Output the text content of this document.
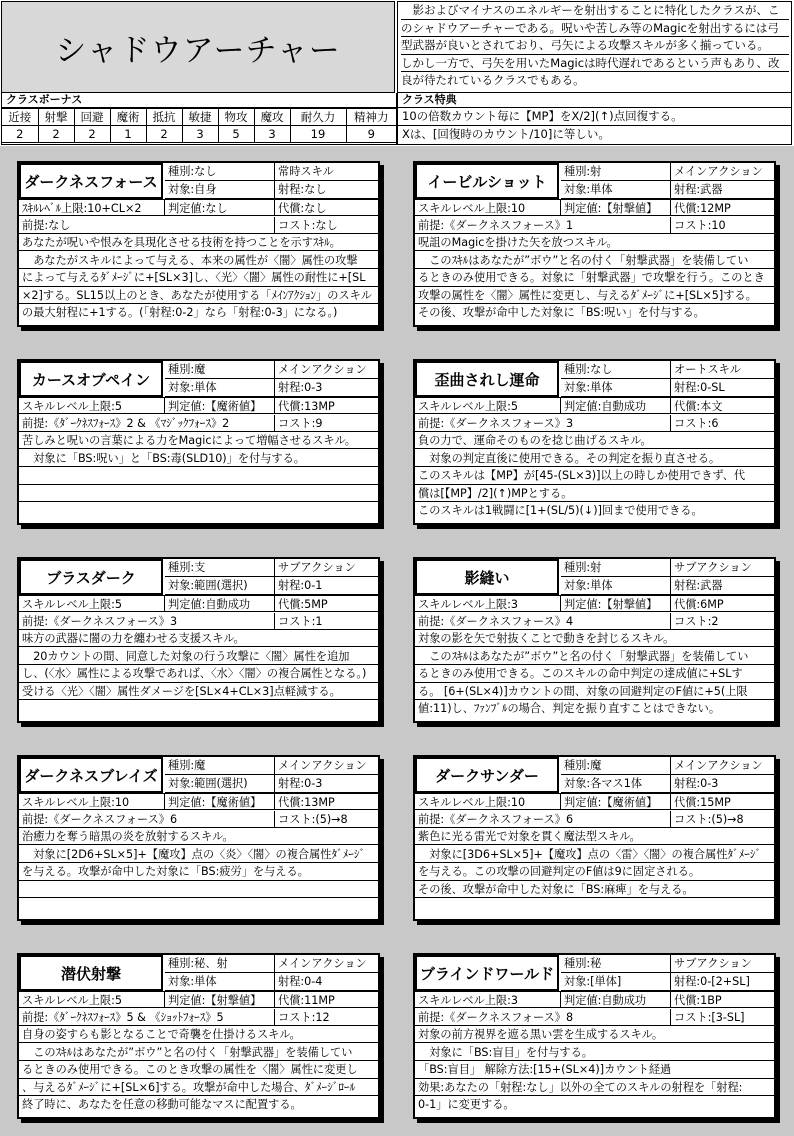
シャドウアーチャー
　影およびマイナスのエネルギーを射出することに特化したクラスが、こ
のシャドウアーチャーである。呪いや苦しみ等のMagicを射出するには弓
型武器が良いとされており、弓矢による攻撃スキルが多く揃っている。
しかし一方で、弓矢を用いたMagicは時代遅れであるという声もあり、改
良が待たれているクラスでもある。
クラスボーナス
近接	射撃	回避	魔術	抵抗	敏捷	物攻	魔攻	耐久力	精神力
2	2	2	1	2	3	5	3	19	9
クラス特典
10の倍数カウント毎に【MP】をX/2](↑)点回復する。
Xは、[回復時のカウント/10]に等しい。
ダークネスフォース
種別:なし	常時スキル
対象:自身	射程:なし
ｽｷﾙﾚﾍﾞﾙ上限:10+CL×2	判定値:なし	代償:なし
前提:なし	コスト:なし
あなたが呪いや恨みを具現化させる技術を持つことを示すｽｷﾙ。
　あなたがスキルによって与える、本来の属性が〈闇〉属性の攻撃
によって与えるﾀﾞﾒｰｼﾞに+[SL×3]し、〈光〉〈闇〉属性の耐性に+[SL
×2]する。SL15以上のとき、あなたが使用する「ﾒｲﾝｱｸｼｮﾝ」のスキル
の最大射程に+1する。(「射程:0-2」なら「射程:0-3」になる。)
イービルショット
種別:射	メインアクション
対象:単体	射程:武器
スキルレベル上限:10	判定値:【射撃値】	代償:12MP
前提:《ダークネスフォース》1	コスト:10
呪詛のMagicを掛けた矢を放つスキル。
　このｽｷﾙはあなたが”ボウ”と名の付く「射撃武器」を装備してい
るときのみ使用できる。対象に「射撃武器」で攻撃を行う。このとき
攻撃の属性を〈闇〉属性に変更し、与えるﾀﾞﾒｰｼﾞに+[SL×5]する。
その後、攻撃が命中した対象に「BS:呪い」を付与する。
カースオブペイン
種別:魔	メインアクション
対象:単体	射程:0-3
スキルレベル上限:5	判定値:【魔術値】	代償:13MP
前提:《ﾀﾞｰｸﾈｽﾌｫｰｽ》2 & 《ﾏｼﾞｯｸﾌｫｰｽ》2	コスト:9
苦しみと呪いの言葉による力をMagicによって増幅させるスキル。
　対象に「BS:呪い」と「BS:毒(SLD10)」を付与する。
歪曲されし運命
種別:なし	オートスキル
対象:単体	射程:0-SL
スキルレベル上限:5	判定値:自動成功	代償:本文
前提:《ダークネスフォース》3	コスト:6
負の力で、運命そのものを捻じ曲げるスキル。
　対象の判定直後に使用できる。その判定を振り直させる。
このスキルは【MP】が[45-(SL×3)]以上の時しか使用できず、代
償は[【MP】/2](↑)MPとする。
このスキルは1戦闘に[1+(SL/5)(↓)]回まで使用できる。
ブラスダーク
種別:支	サブアクション
対象:範囲(選択)	射程:0-1
スキルレベル上限:5	判定値:自動成功	代償:5MP
前提:《ダークネスフォース》3	コスト:1
味方の武器に闇の力を纏わせる支援スキル。
　20カウントの間、同意した対象の行う攻撃に〈闇〉属性を追加
し、(〈水〉属性による攻撃であれば、〈水〉〈闇〉の複合属性となる。)
受ける〈光〉〈闇〉属性ダメージを[SL×4+CL×3]点軽減する。
影縫い
種別:射	サブアクション
対象:単体	射程:武器
スキルレベル上限:3	判定値:【射撃値】	代償:6MP
前提:《ダークネスフォース》4	コスト:2
対象の影を矢で射抜くことで動きを封じるスキル。
　このｽｷﾙはあなたが”ボウ”と名の付く「射撃武器」を装備してい
るときのみ使用できる。このスキルの命中判定の達成値に+SLす
る。 [6+(SL×4)]カウントの間、対象の回避判定のF値に+5(上限
値:11)し、ﾌｧﾝﾌﾞﾙの場合、判定を振り直すことはできない。
ダークネスブレイズ
種別:魔	メインアクション
対象:範囲(選択)	射程:0-3
スキルレベル上限:10	判定値:【魔術値】	代償:13MP
前提:《ダークネスフォース》6	コスト:(5)→8
治癒力を奪う暗黒の炎を放射するスキル。
　対象に[2D6+SL×5]+【魔攻】点の〈炎〉〈闇〉の複合属性ﾀﾞﾒｰｼﾞ
を与える。攻撃が命中した対象に「BS:疲労」を与える。
ダークサンダー
種別:魔	メインアクション
対象:各マス1体	射程:0-3
スキルレベル上限:10	判定値:【魔術値】	代償:15MP
前提:《ダークネスフォース》6	コスト:(5)→8
紫色に光る雷光で対象を貫く魔法型スキル。
　対象に[3D6+SL×5]+【魔攻】点の〈雷〉〈闇〉の複合属性ﾀﾞﾒｰｼﾞ
を与える。この攻撃の回避判定のF値は9に固定される。
その後、攻撃が命中した対象に「BS:麻痺」を与える。
潜伏射撃
種別:秘、射	メインアクション
対象:単体	射程:0-4
スキルレベル上限:5	判定値:【射撃値】	代償:11MP
前提:《ﾀﾞｰｸﾈｽﾌｫｰｽ》5 & 《ｼｮｯﾄﾌｫｰｽ》5	コスト:12
自身の姿すらも影となることで奇襲を仕掛けるスキル。
　このｽｷﾙはあなたが”ボウ”と名の付く「射撃武器」を装備してい
るときのみ使用できる。このとき攻撃の属性を〈闇〉属性に変更し
、与えるﾀﾞﾒｰｼﾞに+[SL×6]する。攻撃が命中した場合、ﾀﾞﾒｰｼﾞﾛｰﾙ
終了時に、あなたを任意の移動可能なマスに配置する。
ブラインドワールド
種別:秘	サブアクション
対象:[単体]	射程:0-[2+SL]
スキルレベル上限:3	判定値:自動成功	代償:1BP
前提:《ダークネスフォース》8	コスト:[3-SL]
対象の前方視界を遮る黒い雲を生成するスキル。
　対象に「BS:盲目」を付与する。
「BS:盲目」 解除方法:[15+(SL×4)]カウント経過
効果:あなたの「射程:なし」以外の全てのスキルの射程を「射程:
0-1」に変更する。
